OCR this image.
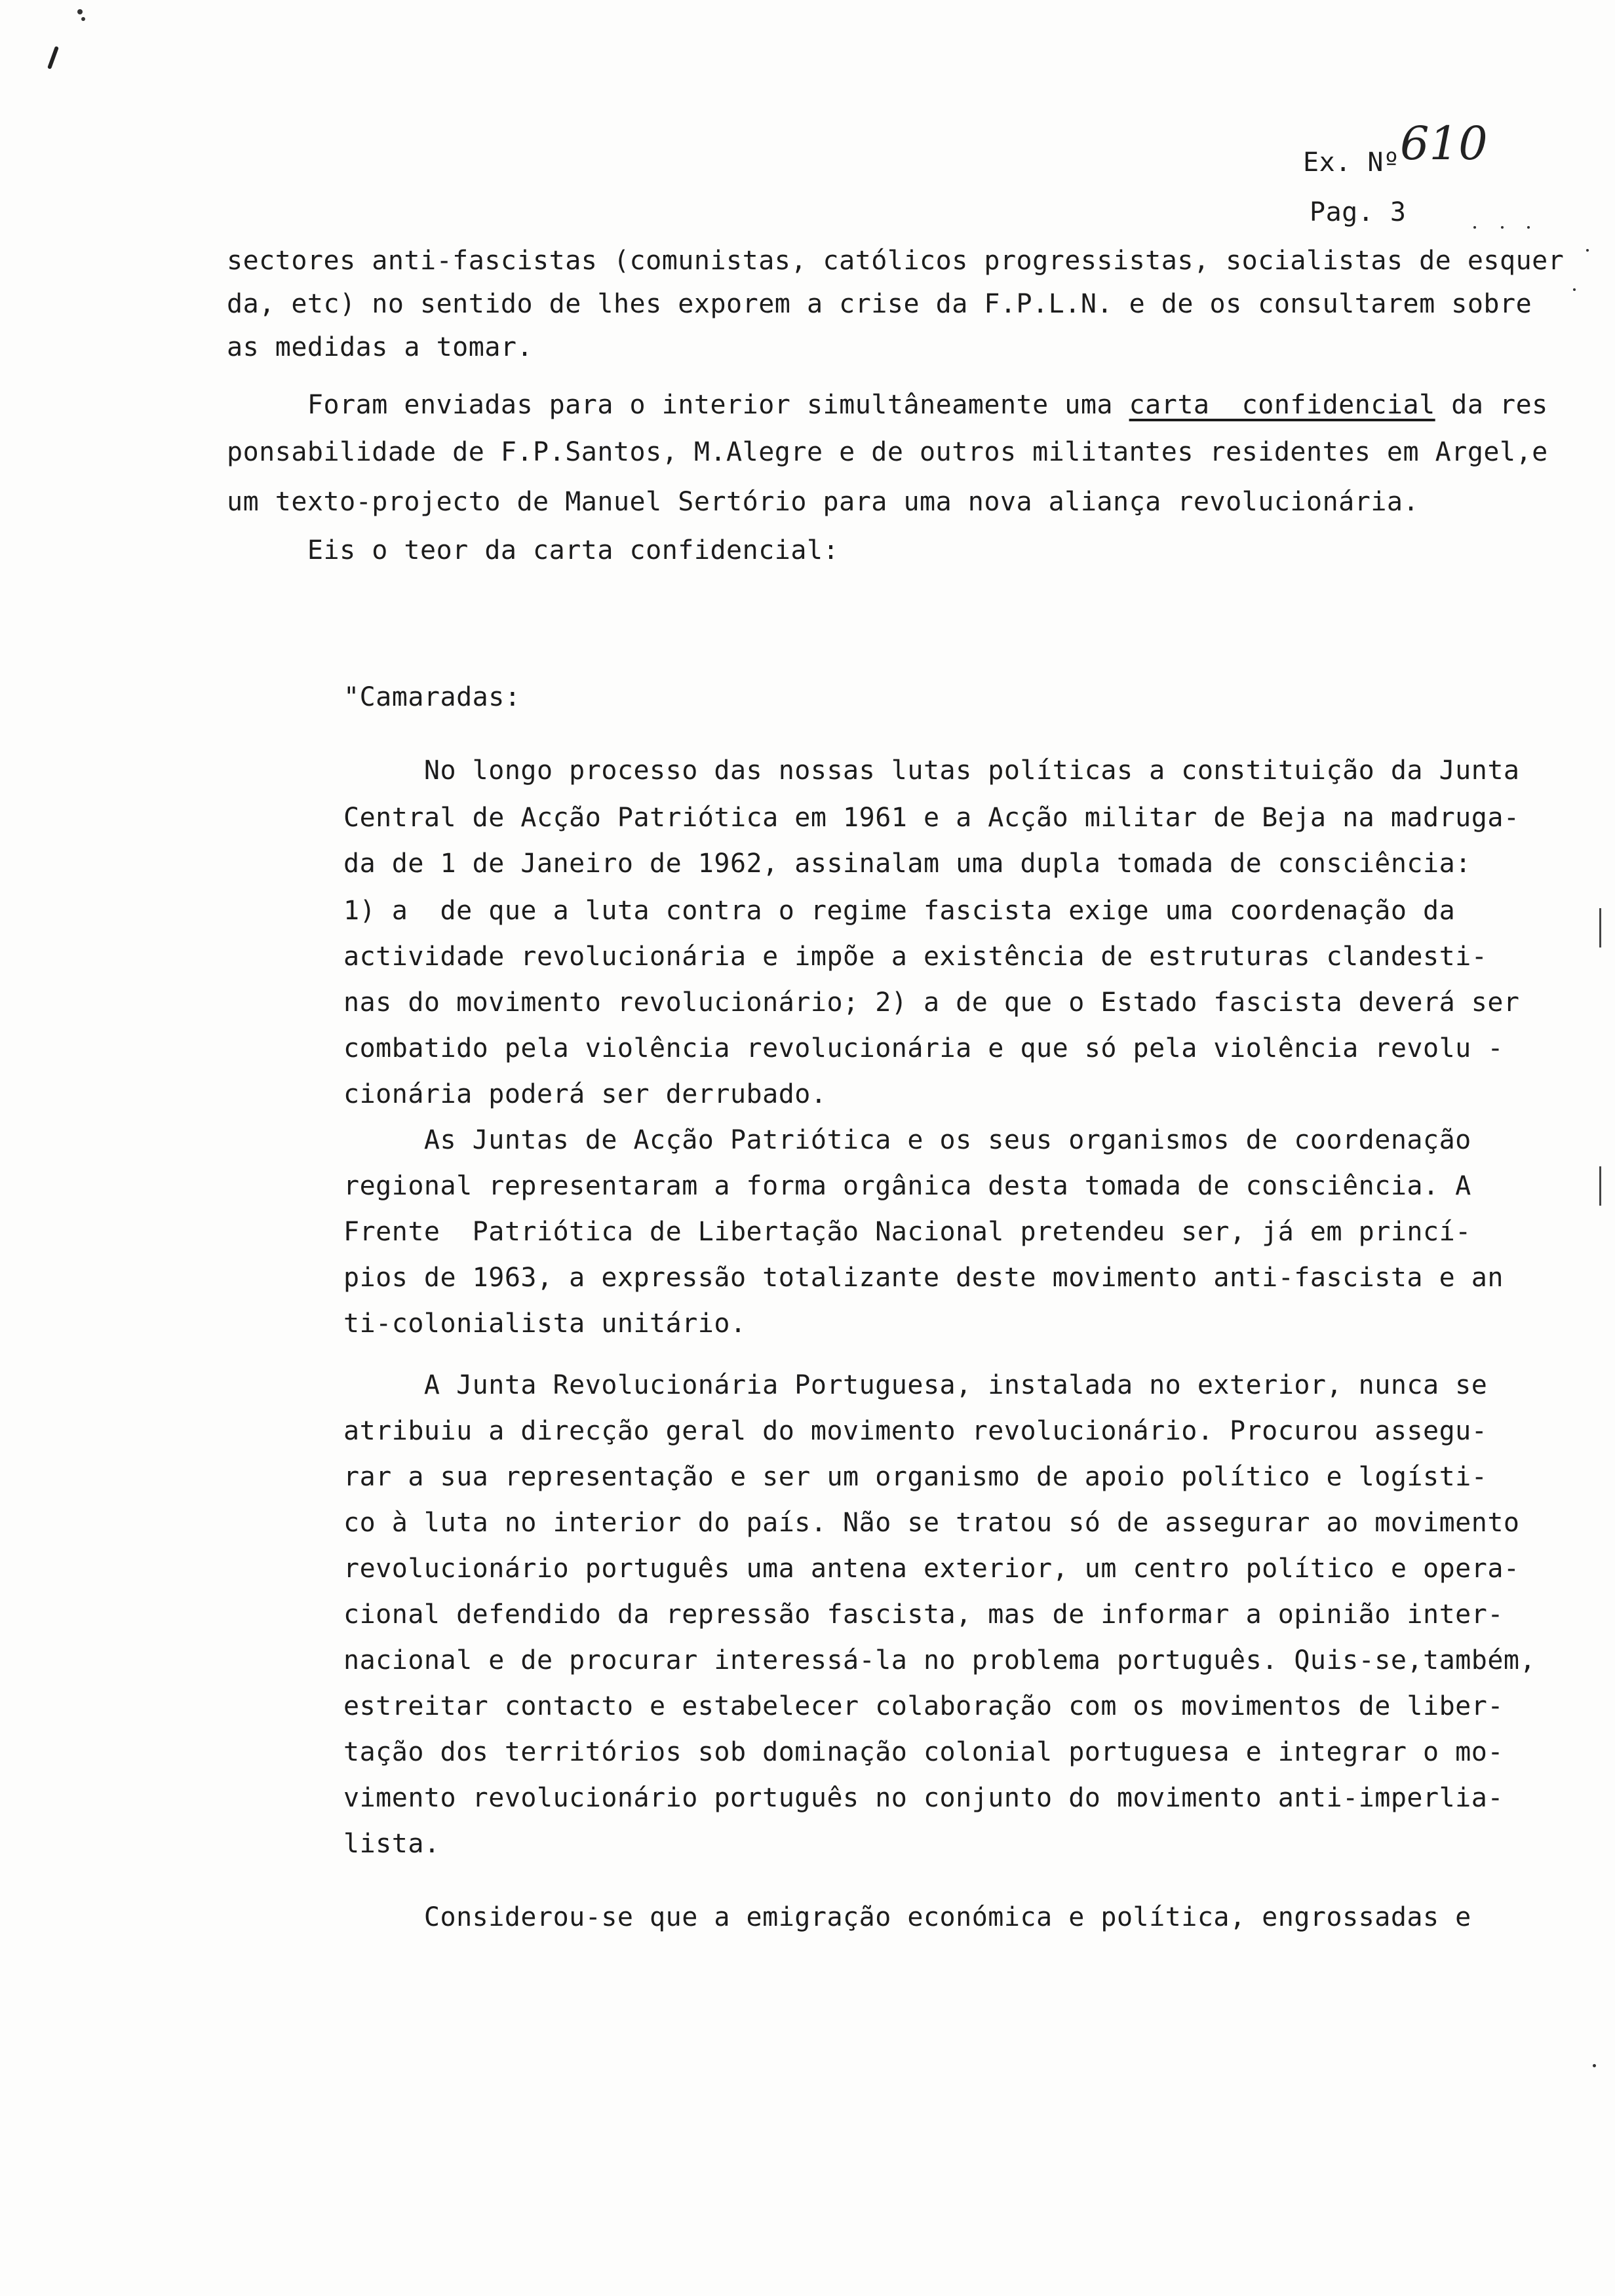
Ex. Nº 610
Pag. 3
sectores anti-fascistas (comunistas, católicos progressistas, socialistas de esquer
da, etc) no sentido de lhes exporem a crise da F.P.L.N. e de os consultarem sobre
as medidas a tomar.
Foram enviadas para o interior simultâneamente uma carta  confidencial da res
ponsabilidade de F.P.Santos, M.Alegre e de outros militantes residentes em Argel,e
um texto-projecto de Manuel Sertório para uma nova aliança revolucionária.
Eis o teor da carta confidencial:
"Camaradas:
No longo processo das nossas lutas políticas a constituição da Junta
Central de Acção Patriótica em 1961 e a Acção militar de Beja na madruga-
da de 1 de Janeiro de 1962, assinalam uma dupla tomada de consciência:
1) a  de que a luta contra o regime fascista exige uma coordenação da
actividade revolucionária e impõe a existência de estruturas clandesti-
nas do movimento revolucionário; 2) a de que o Estado fascista deverá ser
combatido pela violência revolucionária e que só pela violência revolu -
cionária poderá ser derrubado.
As Juntas de Acção Patriótica e os seus organismos de coordenação
regional representaram a forma orgânica desta tomada de consciência. A
Frente  Patriótica de Libertação Nacional pretendeu ser, já em princí-
pios de 1963, a expressão totalizante deste movimento anti-fascista e an
ti-colonialista unitário.
A Junta Revolucionária Portuguesa, instalada no exterior, nunca se
atribuiu a direcção geral do movimento revolucionário. Procurou assegu-
rar a sua representação e ser um organismo de apoio político e logísti-
co à luta no interior do país. Não se tratou só de assegurar ao movimento
revolucionário português uma antena exterior, um centro político e opera-
cional defendido da repressão fascista, mas de informar a opinião inter-
nacional e de procurar interessá-la no problema português. Quis-se,também,
estreitar contacto e estabelecer colaboração com os movimentos de liber-
tação dos territórios sob dominação colonial portuguesa e integrar o mo-
vimento revolucionário português no conjunto do movimento anti-imperlia-
lista.
Considerou-se que a emigração económica e política, engrossadas e
